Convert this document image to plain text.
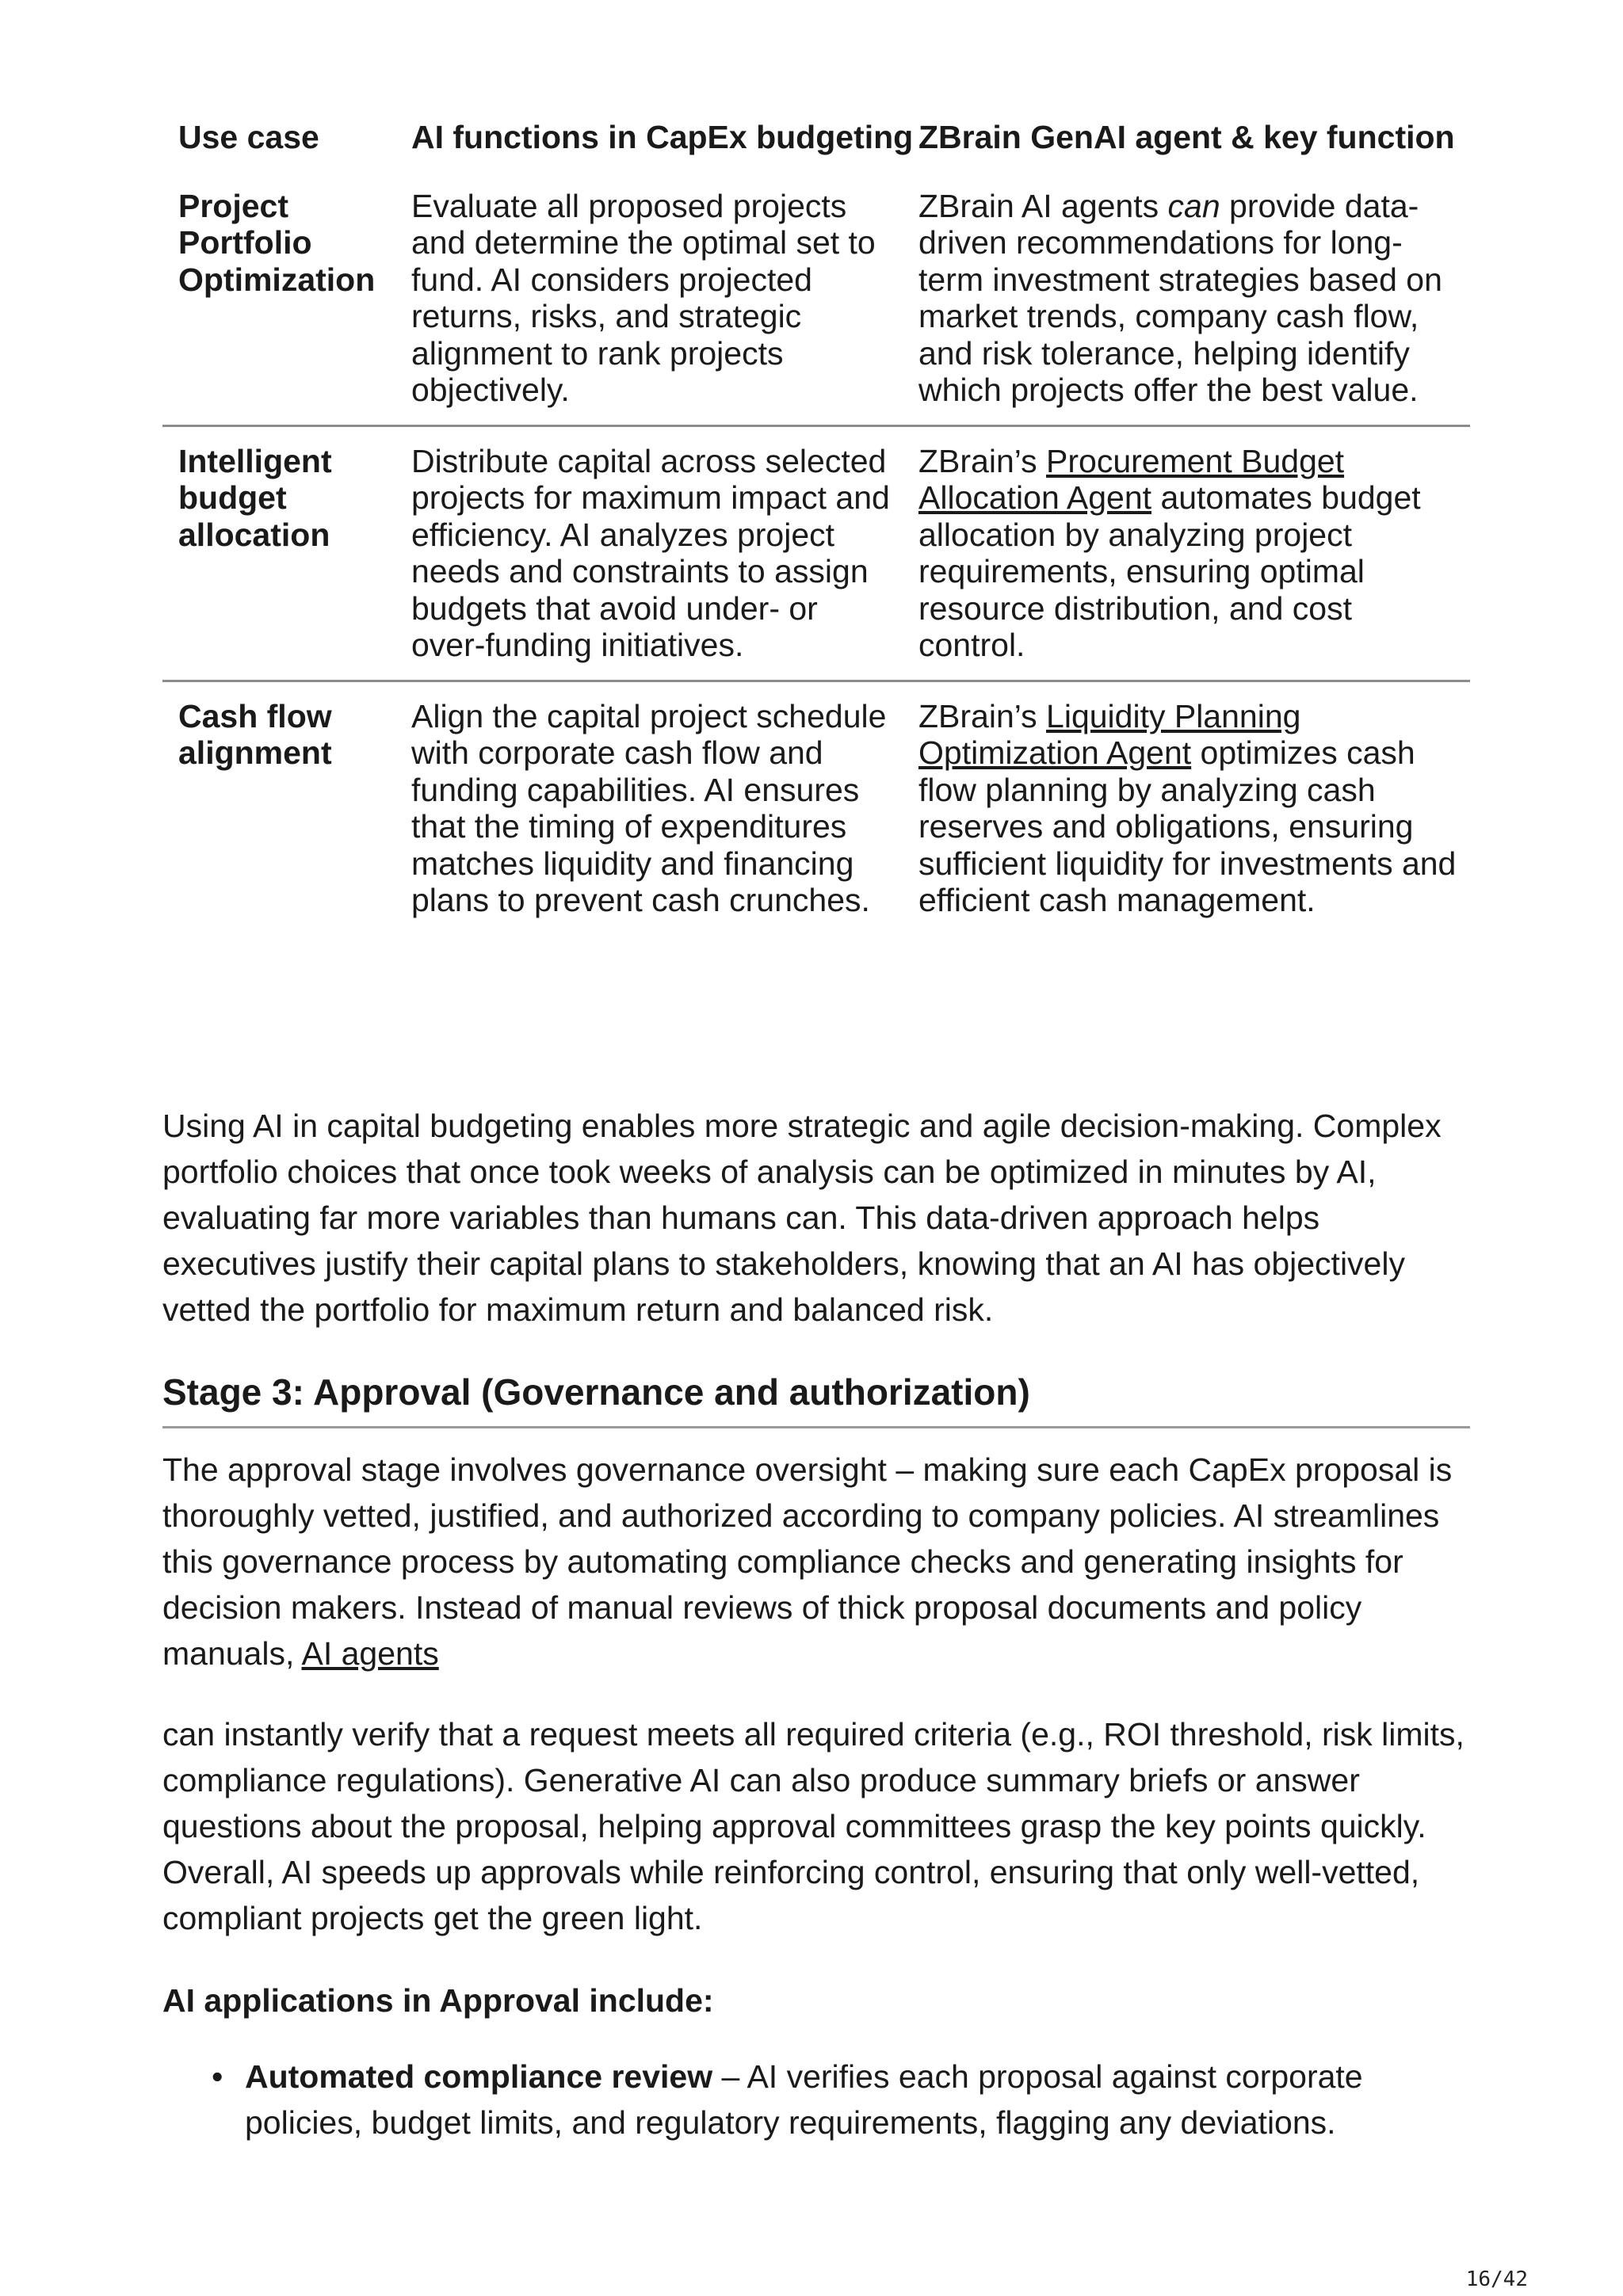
Use case	AI functions in CapEx budgeting	ZBrain GenAI agent & key function
Project Portfolio Optimization	Evaluate all proposed projects and determine the optimal set to fund. AI considers projected returns, risks, and strategic alignment to rank projects objectively.	ZBrain AI agents can provide data-driven recommendations for long-term investment strategies based on market trends, company cash flow, and risk tolerance, helping identify which projects offer the best value.
Intelligent budget allocation	Distribute capital across selected projects for maximum impact and efficiency. AI analyzes project needs and constraints to assign budgets that avoid under- or over-funding initiatives.	ZBrain’s Procurement Budget Allocation Agent automates budget allocation by analyzing project requirements, ensuring optimal resource distribution, and cost control.
Cash flow alignment	Align the capital project schedule with corporate cash flow and funding capabilities. AI ensures that the timing of expenditures matches liquidity and financing plans to prevent cash crunches.	ZBrain’s Liquidity Planning Optimization Agent optimizes cash flow planning by analyzing cash reserves and obligations, ensuring sufficient liquidity for investments and efficient cash management.

Using AI in capital budgeting enables more strategic and agile decision-making. Complex portfolio choices that once took weeks of analysis can be optimized in minutes by AI, evaluating far more variables than humans can. This data-driven approach helps executives justify their capital plans to stakeholders, knowing that an AI has objectively vetted the portfolio for maximum return and balanced risk.

Stage 3: Approval (Governance and authorization)

The approval stage involves governance oversight – making sure each CapEx proposal is thoroughly vetted, justified, and authorized according to company policies. AI streamlines this governance process by automating compliance checks and generating insights for decision makers. Instead of manual reviews of thick proposal documents and policy manuals, AI agents

can instantly verify that a request meets all required criteria (e.g., ROI threshold, risk limits, compliance regulations). Generative AI can also produce summary briefs or answer questions about the proposal, helping approval committees grasp the key points quickly. Overall, AI speeds up approvals while reinforcing control, ensuring that only well-vetted, compliant projects get the green light.

AI applications in Approval include:

• Automated compliance review – AI verifies each proposal against corporate policies, budget limits, and regulatory requirements, flagging any deviations.
16/42
